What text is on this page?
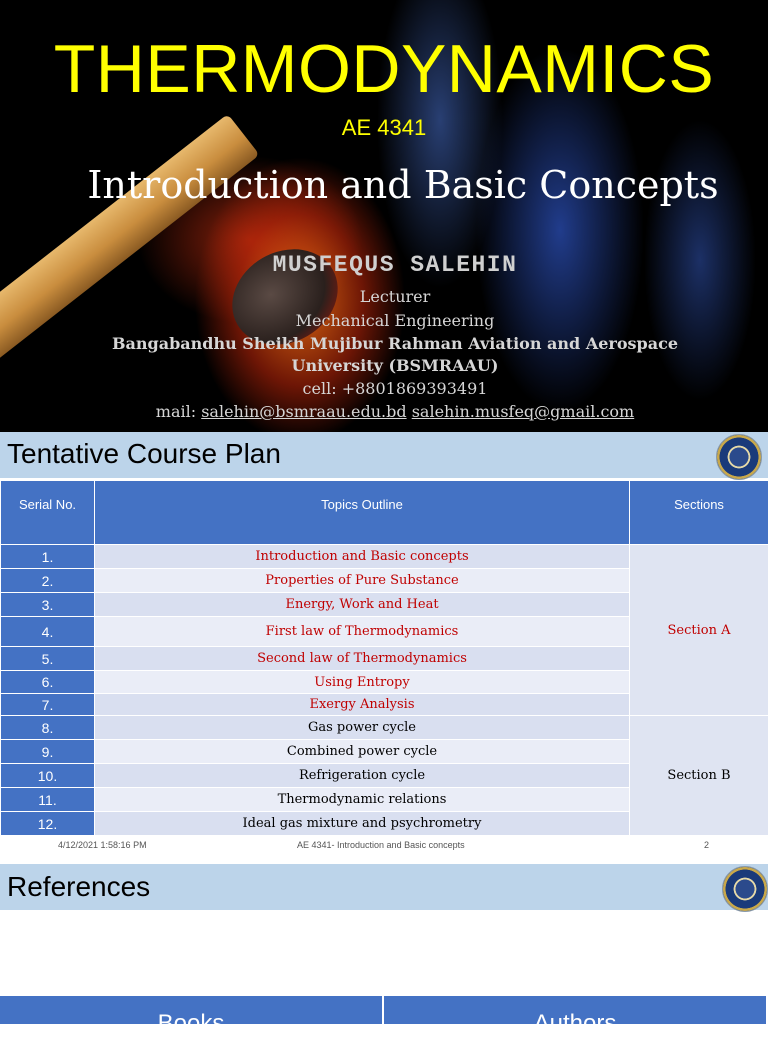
THERMODYNAMICS
AE 4341
Introduction and Basic Concepts
MUSFEQUS SALEHIN
Lecturer
Mechanical Engineering
Bangabandhu Sheikh Mujibur Rahman Aviation and Aerospace
University (BSMRAAU)
cell: +8801869393491
mail: salehin@bsmraau.edu.bd salehin.musfeq@gmail.com
Tentative Course Plan
Serial No.	Topics Outline	Sections
1.	Introduction and Basic concepts	Section A
2.	Properties of Pure Substance	
3.	Energy, Work and Heat	
4.	First law of Thermodynamics	
5.	Second law of Thermodynamics	
6.	Using Entropy	
7.	Exergy Analysis	
8.	Gas power cycle	Section B
9.	Combined power cycle	
10.	Refrigeration cycle	
11.	Thermodynamic relations	
12.	Ideal gas mixture and psychrometry	
4/12/2021 1:58:16 PM	AE 4341- Introduction and Basic concepts	2
References
Books	Authors
